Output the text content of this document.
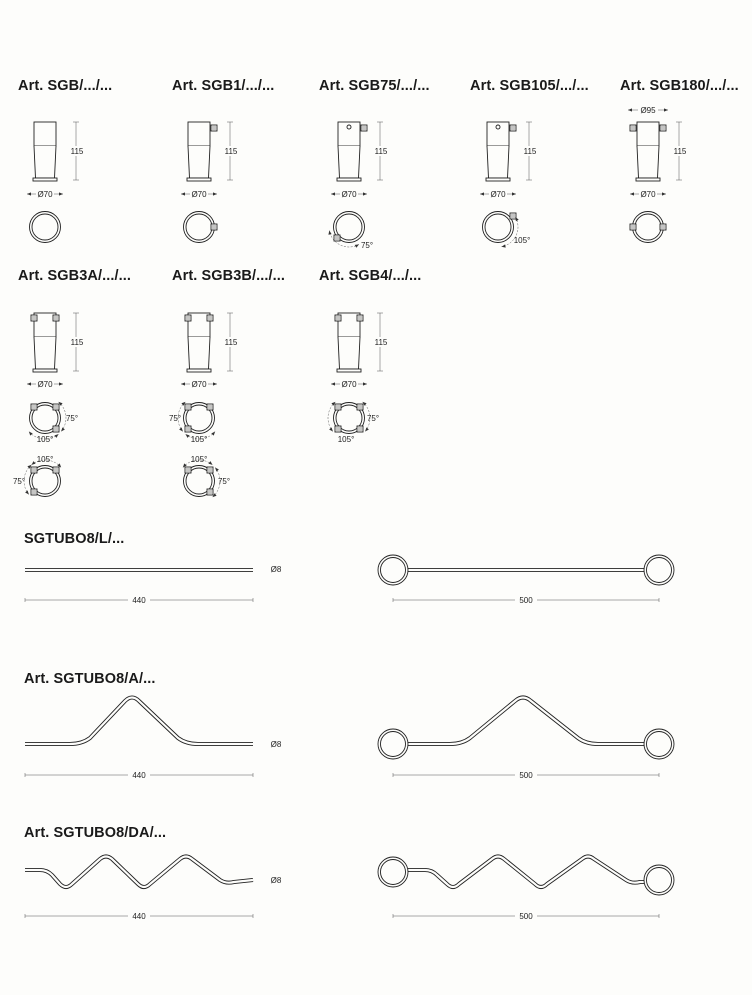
Art. SGB/.../...	Art. SGB1/.../...	Art. SGB75/.../...	Art. SGB105/.../... Art. SGB180/.../...
Art. SGB3A/.../...	Art. SGB3B/.../... Art. SGB4/.../...
SGTUBO8/L/...
Art. SGTUBO8/A/...
Art. SGTUBO8/DA/...
115
Ø70
115
Ø70
115
Ø70
115
Ø70
115
Ø70
Ø95
75°
105°
115
Ø70
115
Ø70
115
Ø70
75°
105°
75°
105°
75°
105°
75°
105°
75°
105°
Ø8
440	500
Ø8
440	500
Ø8
440	500
